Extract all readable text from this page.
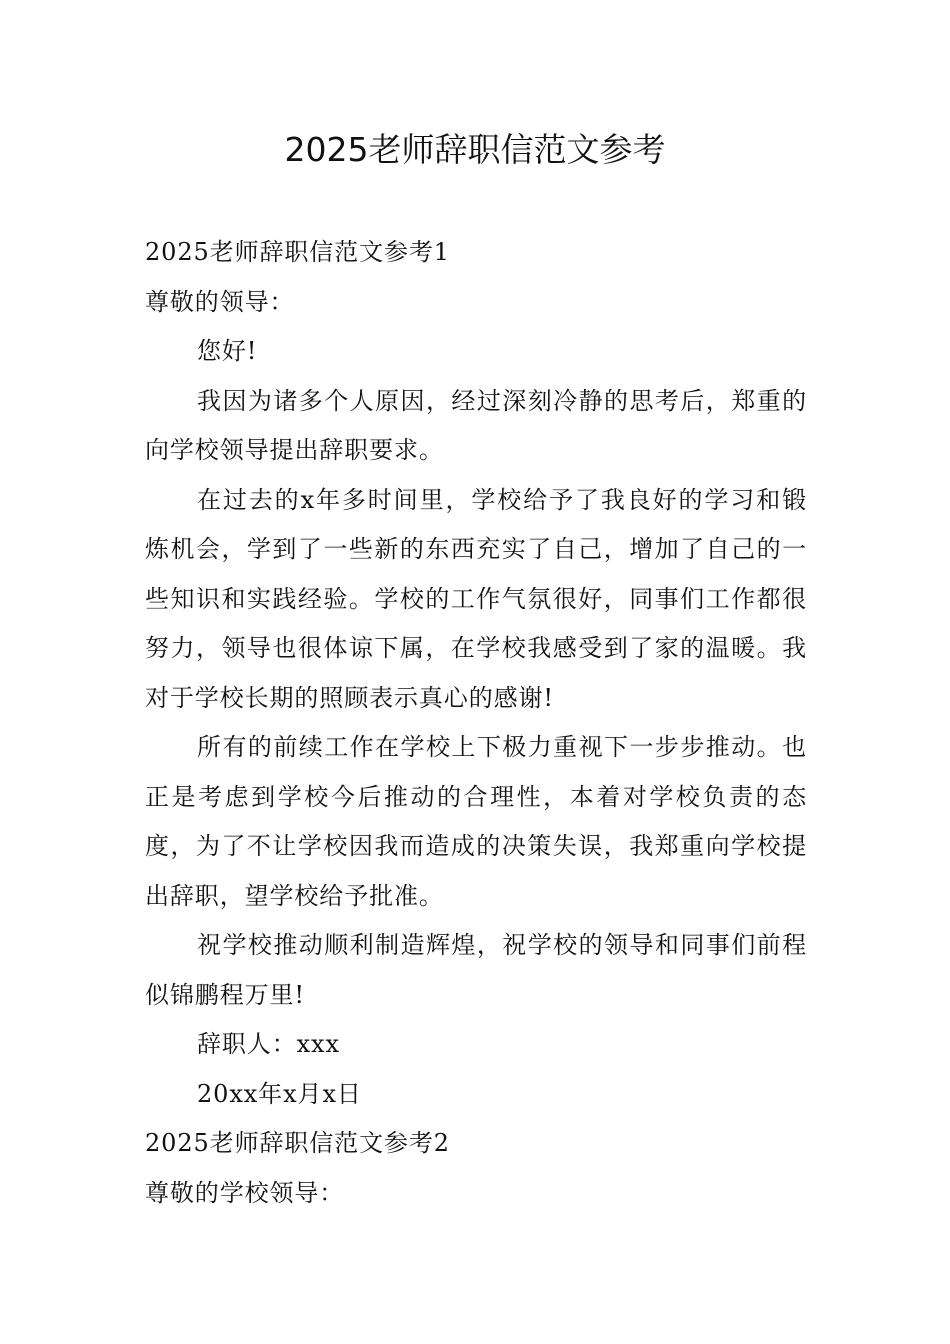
2025老师辞职信范文参考
2025老师辞职信范文参考1
尊敬的领导：
您好!
我因为诸多个人原因，经过深刻冷静的思考后，郑重的向学校领导提出辞职要求。
在过去的x年多时间里，学校给予了我良好的学习和锻炼机会，学到了一些新的东西充实了自己，增加了自己的一些知识和实践经验。学校的工作气氛很好，同事们工作都很努力，领导也很体谅下属，在学校我感受到了家的温暖。我对于学校长期的照顾表示真心的感谢!
所有的前续工作在学校上下极力重视下一步步推动。也正是考虑到学校今后推动的合理性，本着对学校负责的态度，为了不让学校因我而造成的决策失误，我郑重向学校提出辞职，望学校给予批准。
祝学校推动顺利制造辉煌，祝学校的领导和同事们前程似锦鹏程万里!
辞职人：xxx
20xx年x月x日
2025老师辞职信范文参考2
尊敬的学校领导：
